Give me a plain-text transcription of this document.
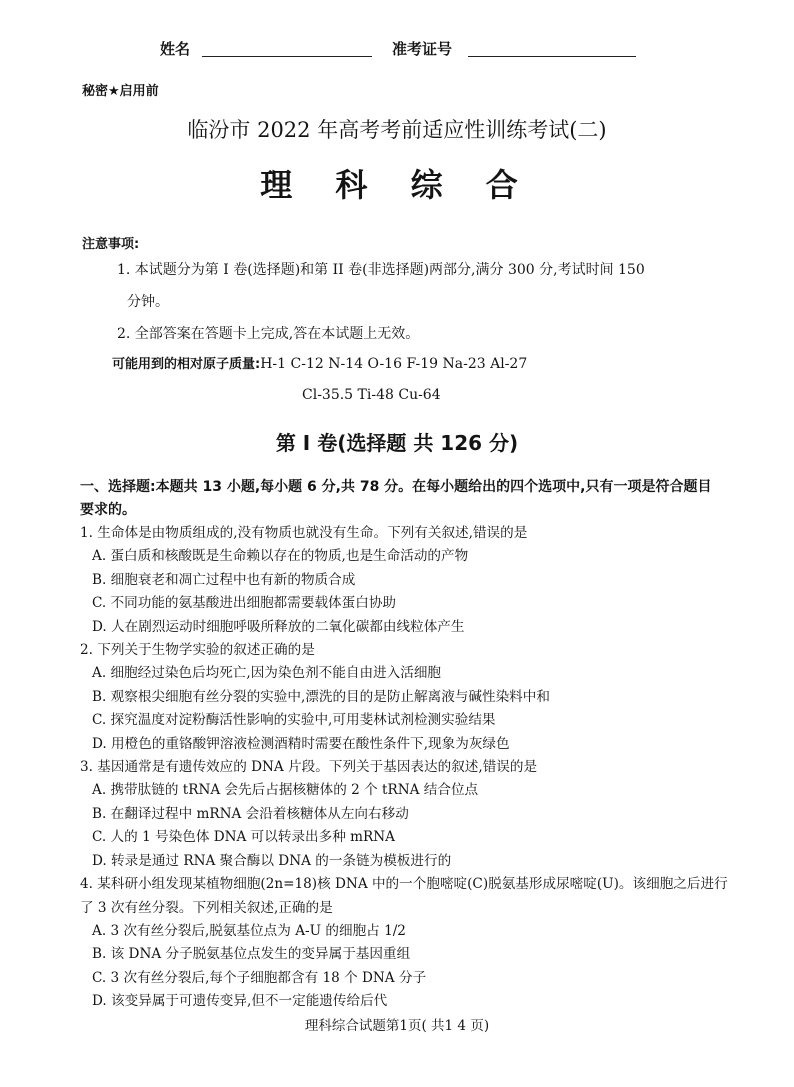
姓名	准考证号
秘密★启用前
临汾市 2022 年高考考前适应性训练考试(二)
理 科 综 合
注意事项:
1. 本试题分为第 I 卷(选择题)和第 II 卷(非选择题)两部分,满分 300 分,考试时间 150
分钟。
2. 全部答案在答题卡上完成,答在本试题上无效。
可能用到的相对原子质量:H-1 C-12 N-14 O-16 F-19 Na-23 Al-27
Cl-35.5 Ti-48 Cu-64
第 I 卷(选择题 共 126 分)
一、选择题:本题共 13 小题,每小题 6 分,共 78 分。在每小题给出的四个选项中,只有一项是符合题目要求的。

1. 生命体是由物质组成的,没有物质也就没有生命。下列有关叙述,错误的是

A. 蛋白质和核酸既是生命赖以存在的物质,也是生命活动的产物

B. 细胞衰老和凋亡过程中也有新的物质合成

C. 不同功能的氨基酸进出细胞都需要载体蛋白协助

D. 人在剧烈运动时细胞呼吸所释放的二氧化碳都由线粒体产生

2. 下列关于生物学实验的叙述正确的是

A. 细胞经过染色后均死亡,因为染色剂不能自由进入活细胞

B. 观察根尖细胞有丝分裂的实验中,漂洗的目的是防止解离液与碱性染料中和

C. 探究温度对淀粉酶活性影响的实验中,可用斐林试剂检测实验结果

D. 用橙色的重铬酸钾溶液检测酒精时需要在酸性条件下,现象为灰绿色

3. 基因通常是有遗传效应的 DNA 片段。下列关于基因表达的叙述,错误的是

A. 携带肽链的 tRNA 会先后占据核糖体的 2 个 tRNA 结合位点

B. 在翻译过程中 mRNA 会沿着核糖体从左向右移动

C. 人的 1 号染色体 DNA 可以转录出多种 mRNA

D. 转录是通过 RNA 聚合酶以 DNA 的一条链为模板进行的

4. 某科研小组发现某植物细胞(2n=18)核 DNA 中的一个胞嘧啶(C)脱氨基形成尿嘧啶(U)。该细胞之后进行了 3 次有丝分裂。下列相关叙述,正确的是

A. 3 次有丝分裂后,脱氨基位点为 A-U 的细胞占 1/2

B. 该 DNA 分子脱氨基位点发生的变异属于基因重组

C. 3 次有丝分裂后,每个子细胞都含有 18 个 DNA 分子

D. 该变异属于可遗传变异,但不一定能遗传给后代

理科综合试题第1页( 共1 4 页)
